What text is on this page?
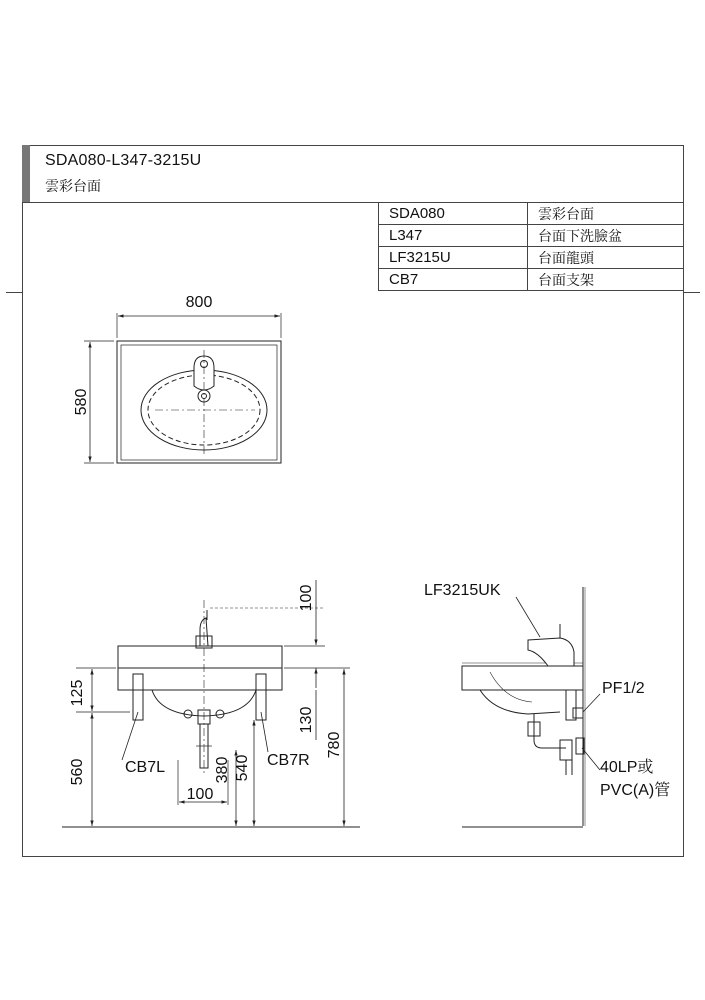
SDA080-L347-3215U
雲彩台面
SDA080	雲彩台面
L347	台面下洗臉盆
LF3215U	台面龍頭
CB7	台面支架
800
580
100
125
130
780
560	380 540
100
CB7L	CB7R
LF3215UK
PF1/2
40LP或
PVC(A)管
